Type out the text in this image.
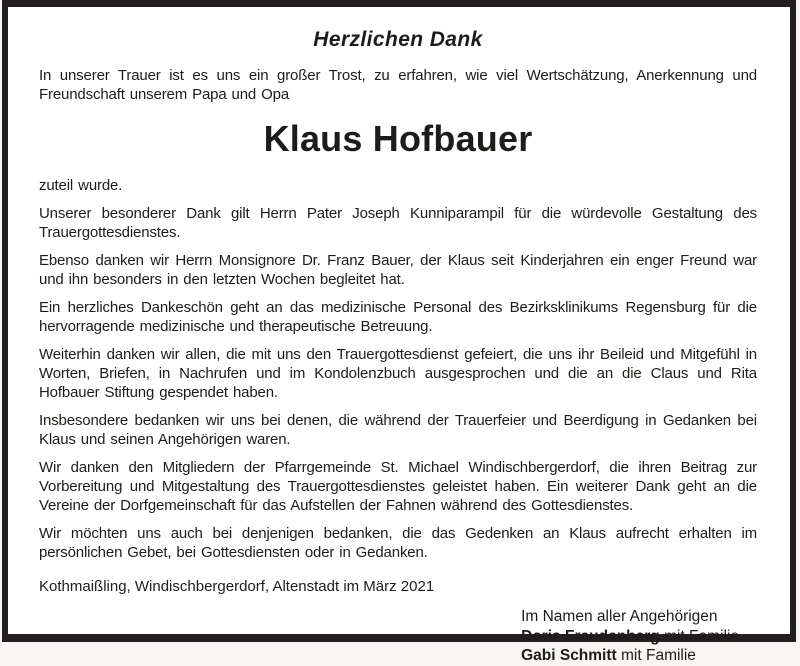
Herzlichen Dank

In unserer Trauer ist es uns ein großer Trost, zu erfahren, wie viel Wertschätzung, Anerkennung und Freundschaft unserem Papa und Opa

Klaus Hofbauer

zuteil wurde.

Unserer besonderer Dank gilt Herrn Pater Joseph Kunniparampil für die würdevolle Gestaltung des Trauergottesdienstes.

Ebenso danken wir Herrn Monsignore Dr. Franz Bauer, der Klaus seit Kinderjahren ein enger Freund war und ihn besonders in den letzten Wochen begleitet hat.

Ein herzliches Dankeschön geht an das medizinische Personal des Bezirksklinikums Regensburg für die hervorragende medizinische und therapeutische Betreuung.

Weiterhin danken wir allen, die mit uns den Trauergottesdienst gefeiert, die uns ihr Beileid und Mitgefühl in Worten, Briefen, in Nachrufen und im Kondolenzbuch ausgesprochen und die an die Claus und Rita Hofbauer Stiftung gespendet haben.

Insbesondere bedanken wir uns bei denen, die während der Trauerfeier und Beerdigung in Gedanken bei Klaus und seinen Angehörigen waren.

Wir danken den Mitgliedern der Pfarrgemeinde St. Michael Windischbergerdorf, die ihren Beitrag zur Vorbereitung und Mitgestaltung des Trauergottesdienstes geleistet haben. Ein weiterer Dank geht an die Vereine der Dorfgemeinschaft für das Aufstellen der Fahnen während des Gottesdienstes.

Wir möchten uns auch bei denjenigen bedanken, die das Gedenken an Klaus aufrecht erhalten im persönlichen Gebet, bei Gottesdiensten oder in Gedanken.

Kothmaißling, Windischbergerdorf, Altenstadt im März 2021

Im Namen aller Angehörigen
Doris Freudenberg mit Familie
Gabi Schmitt mit Familie
